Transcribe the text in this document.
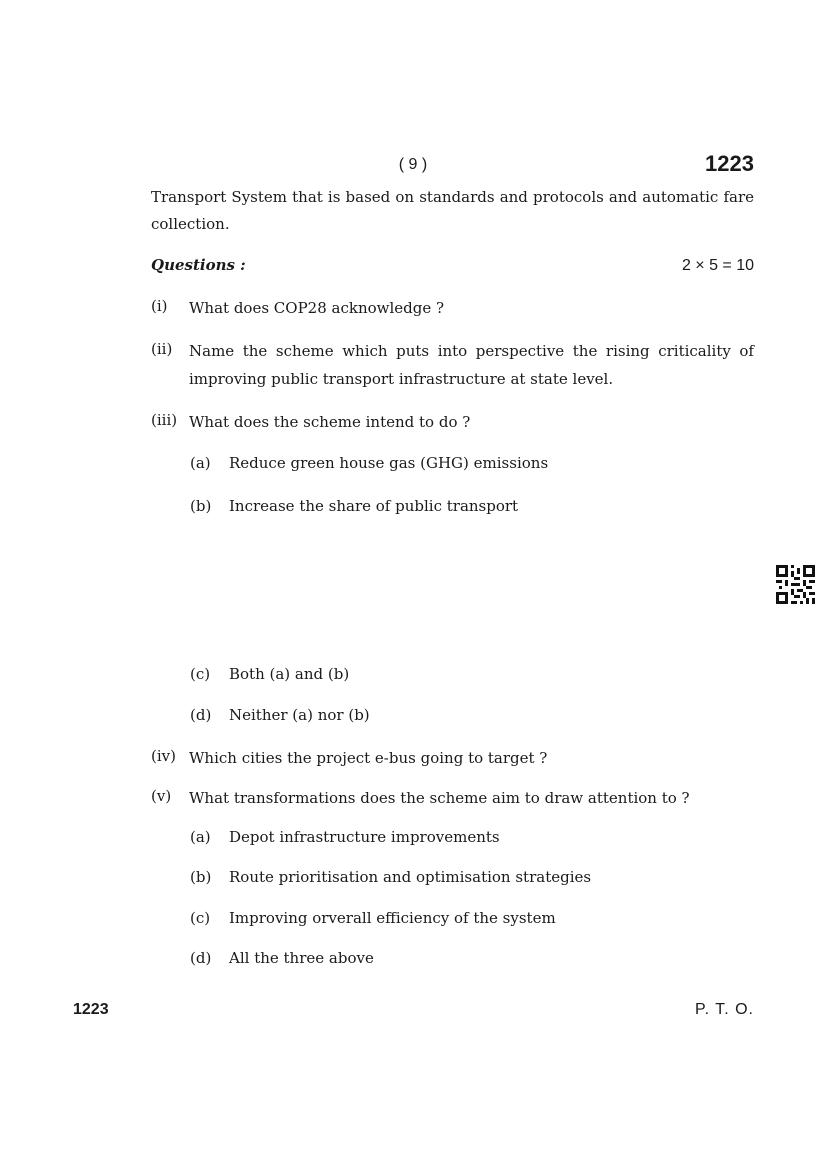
( 9 )	1223
Transport System that is based on standards and protocols and automatic fare collection.
Questions :	2 × 5 = 10
(i)	What does COP28 acknowledge ?
(ii)	Name the scheme which puts into perspective the rising criticality of improving public transport infrastructure at state level.
(iii) What does the scheme intend to do ?
(a)	Reduce green house gas (GHG) emissions
(b)	Increase the share of public transport
(c)	Both (a) and (b)
(d)	Neither (a) nor (b)
(iv) Which cities the project e-bus going to target ?
(v)	What transformations does the scheme aim to draw attention to ?
(a)	Depot infrastructure improvements
(b)	Route prioritisation and optimisation strategies
(c)	Improving orverall efficiency of the system
(d)	All the three above
1223	P. T. O.
